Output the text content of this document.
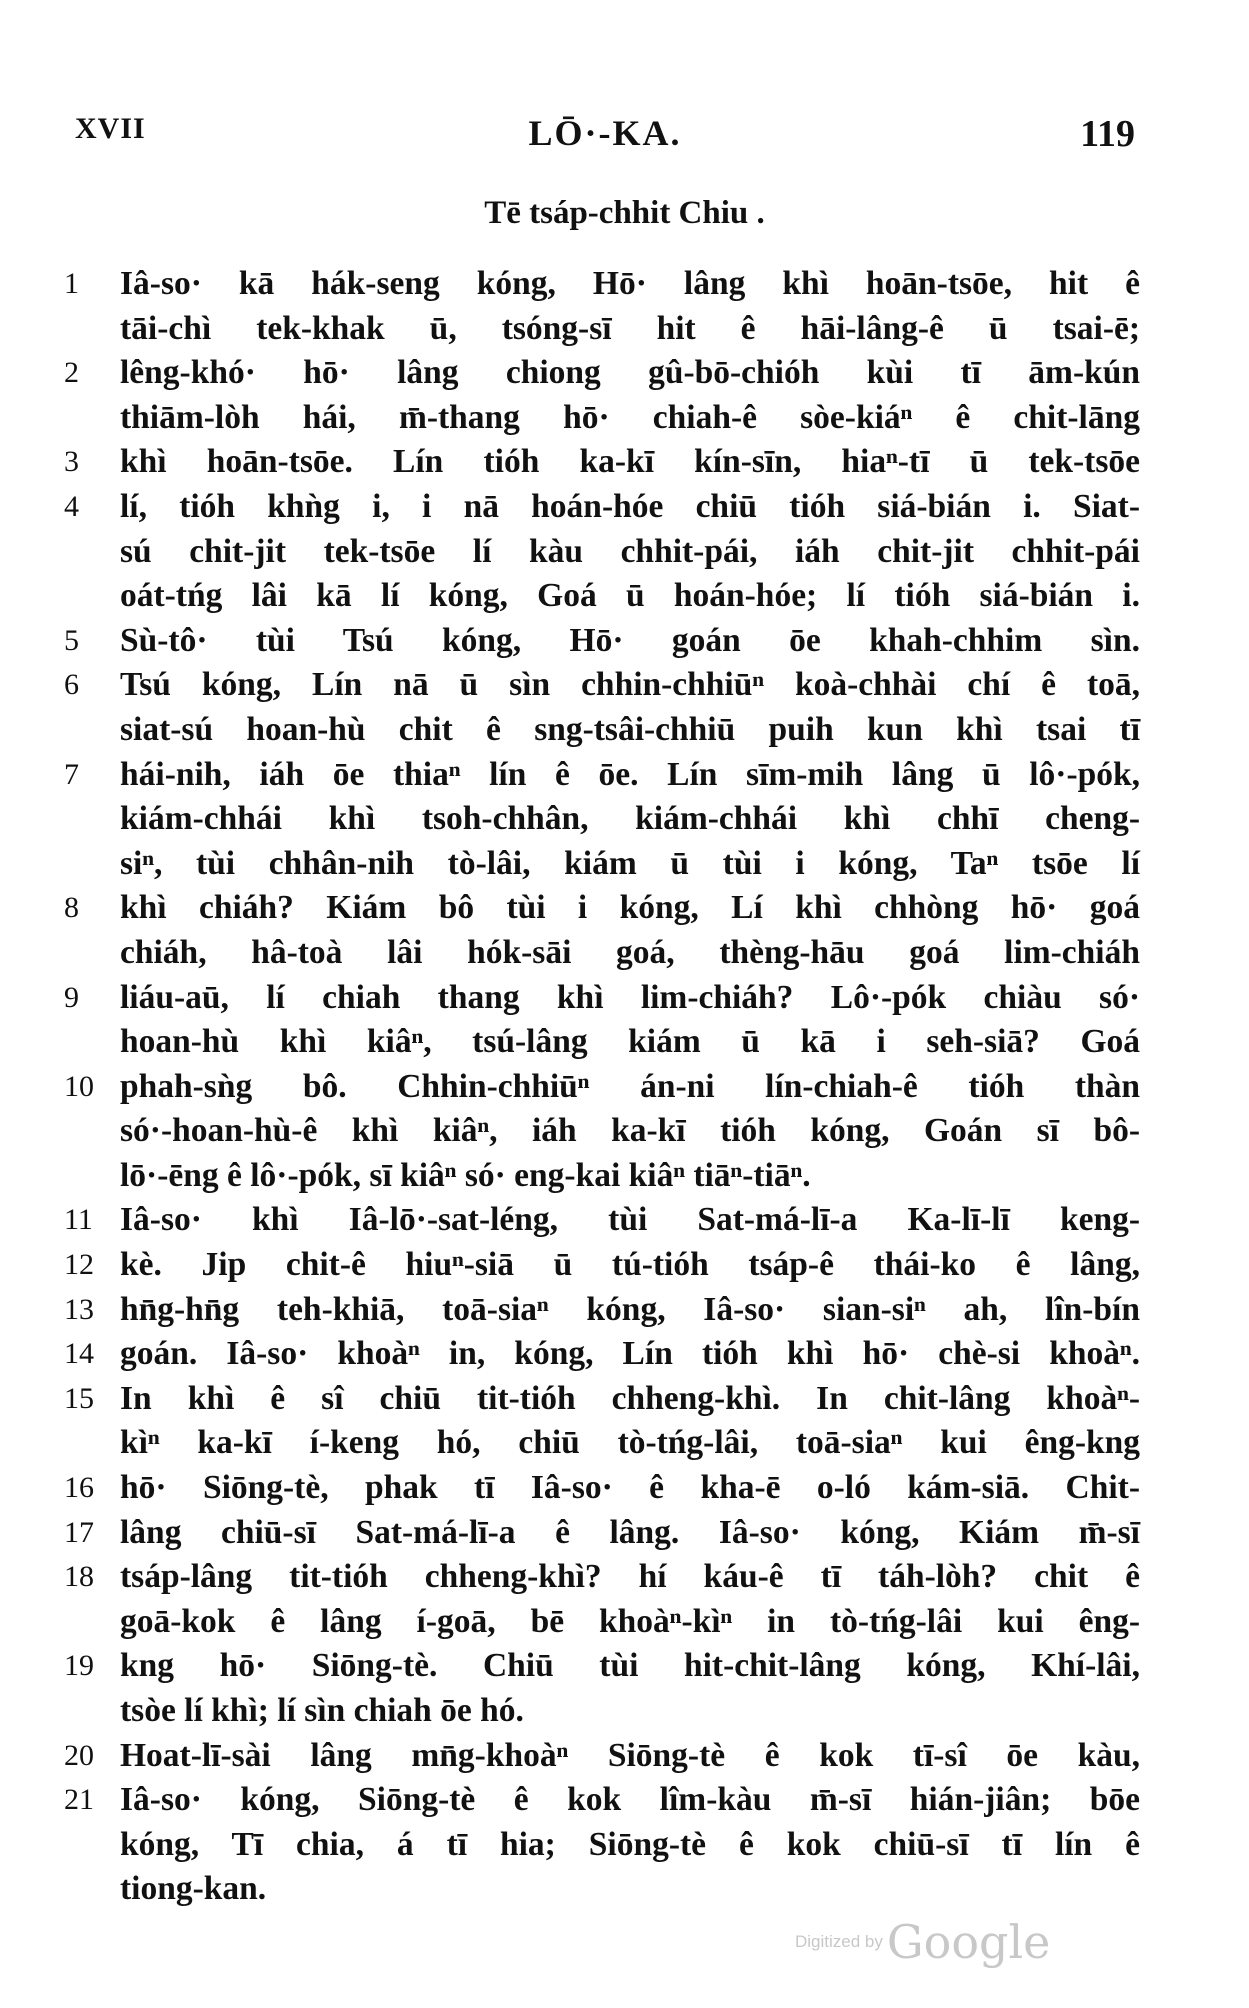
XVII	LŌ·-KA.	119
Tē tsáp-chhit Chiu .
1	Iâ-so· kā hák-seng kóng, Hō· lâng khì hoān-tsōe, hit ê
tāi-chì tek-khak ū, tsóng-sī hit ê hāi-lâng-ê ū tsai-ē;
2	lêng-khó· hō· lâng chiong gû-bō-chióh kùi tī ām-kún
thiām-lòh hái, m̄-thang hō· chiah-ê sòe-kiáⁿ ê chit-lāng
3	khì hoān-tsōe. Lín tióh ka-kī kín-sīn, hiaⁿ-tī ū tek-tsōe
4	lí, tióh khǹg i, i nā hoán-hóe chiū tióh siá-bián i. Siat-
sú chit-jit tek-tsōe lí kàu chhit-pái, iáh chit-jit chhit-pái
oát-tńg lâi kā lí kóng, Goá ū hoán-hóe; lí tióh siá-bián i.
5	Sù-tô· tùi Tsú kóng, Hō· goán ōe khah-chhim sìn.
6	Tsú kóng, Lín nā ū sìn chhin-chhiūⁿ koà-chhài chí ê toā,
siat-sú hoan-hù chit ê sng-tsâi-chhiū puih kun khì tsai tī
7	hái-nih, iáh ōe thiaⁿ lín ê ōe. Lín sīm-mih lâng ū lô·-pók,
kiám-chhái khì tsoh-chhân, kiám-chhái khì chhī cheng-
siⁿ, tùi chhân-nih tò-lâi, kiám ū tùi i kóng, Taⁿ tsōe lí
8	khì chiáh? Kiám bô tùi i kóng, Lí khì chhòng hō· goá
chiáh, hâ-toà lâi hók-sāi goá, thèng-hāu goá lim-chiáh
9	liáu-aū, lí chiah thang khì lim-chiáh? Lô·-pók chiàu só·
hoan-hù khì kiâⁿ, tsú-lâng kiám ū kā i seh-siā? Goá
10 phah-sǹg bô. Chhin-chhiūⁿ án-ni lín-chiah-ê tióh thàn
só·-hoan-hù-ê khì kiâⁿ, iáh ka-kī tióh kóng, Goán sī bô-
lō·-ēng ê lô·-pók, sī kiâⁿ só· eng-kai kiâⁿ tiāⁿ-tiāⁿ.
11 Iâ-so· khì Iâ-lō·-sat-léng, tùi Sat-má-lī-a Ka-lī-lī keng-
12 kè. Jip chit-ê hiuⁿ-siā ū tú-tióh tsáp-ê thái-ko ê lâng,
13 hn̄g-hn̄g teh-khiā, toā-siaⁿ kóng, Iâ-so· sian-siⁿ ah, lîn-bín
14 goán. Iâ-so· khoàⁿ in, kóng, Lín tióh khì hō· chè-si khoàⁿ.
15 In khì ê sî chiū tit-tióh chheng-khì. In chit-lâng khoàⁿ-
kìⁿ ka-kī í-keng hó, chiū tò-tńg-lâi, toā-siaⁿ kui êng-kng
16 hō· Siōng-tè, phak tī Iâ-so· ê kha-ē o-ló kám-siā. Chit-
17 lâng chiū-sī Sat-má-lī-a ê lâng. Iâ-so· kóng, Kiám m̄-sī
18 tsáp-lâng tit-tióh chheng-khì? hí káu-ê tī táh-lòh? chit ê
goā-kok ê lâng í-goā, bē khoàⁿ-kìⁿ in tò-tńg-lâi kui êng-
19 kng hō· Siōng-tè. Chiū tùi hit-chit-lâng kóng, Khí-lâi,
tsòe lí khì; lí sìn chiah ōe hó.
20 Hoat-lī-sài lâng mn̄g-khoàⁿ Siōng-tè ê kok tī-sî ōe kàu,
21 Iâ-so· kóng, Siōng-tè ê kok lîm-kàu m̄-sī hián-jiân; bōe
kóng, Tī chia, á tī hia; Siōng-tè ê kok chiū-sī tī lín ê
tiong-kan.
Digitized by Google
